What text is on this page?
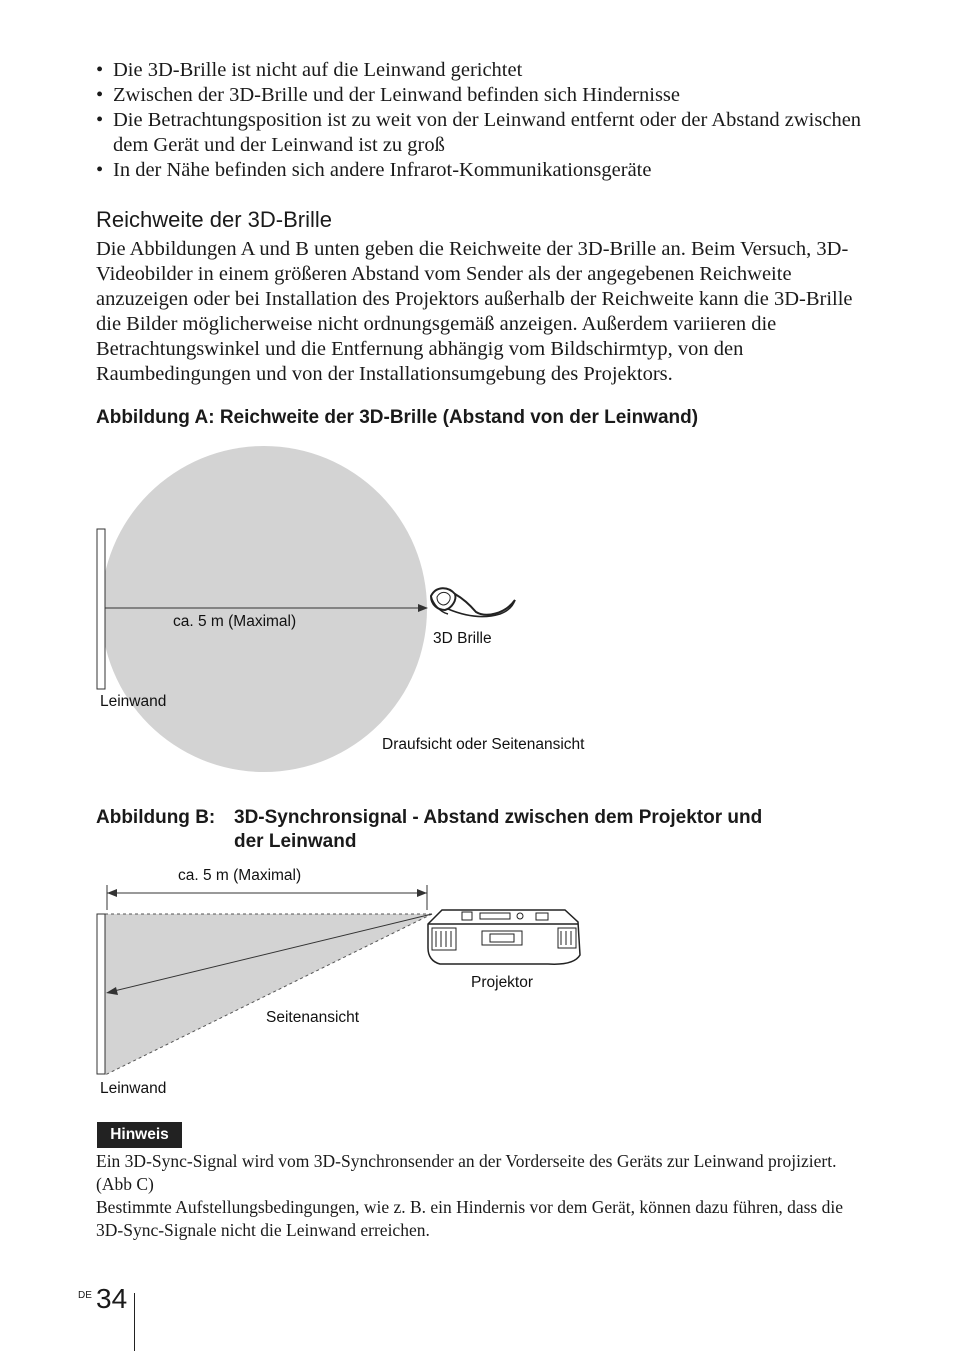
• Die 3D-Brille ist nicht auf die Leinwand gerichtet
• Zwischen der 3D-Brille und der Leinwand befinden sich Hindernisse
• Die Betrachtungsposition ist zu weit von der Leinwand entfernt oder der Abstand zwischen dem Gerät und der Leinwand ist zu groß
• In der Nähe befinden sich andere Infrarot-Kommunikationsgeräte
Reichweite der 3D-Brille

Die Abbildungen A und B unten geben die Reichweite der 3D-Brille an. Beim Versuch, 3D-Videobilder in einem größeren Abstand vom Sender als der angegebenen Reichweite anzuzeigen oder bei Installation des Projektors außerhalb der Reichweite kann die 3D-Brille die Bilder möglicherweise nicht ordnungsgemäß anzeigen. Außerdem variieren die Betrachtungswinkel und die Entfernung abhängig vom Bildschirmtyp, von den Raumbedingungen und von der Installationsumgebung des Projektors.

Abbildung A: Reichweite der 3D-Brille (Abstand von der Leinwand)
ca. 5 m (Maximal)
3D Brille
Leinwand
Draufsicht oder Seitenansicht
Abbildung B: 3D-Synchronsignal - Abstand zwischen dem Projektor und
der Leinwand
ca. 5 m (Maximal)
Projektor
Seitenansicht
Leinwand
Hinweis
Ein 3D-Sync-Signal wird vom 3D-Synchronsender an der Vorderseite des Geräts zur Leinwand projiziert. (Abb C)
Bestimmte Aufstellungsbedingungen, wie z. B. ein Hindernis vor dem Gerät, können dazu führen, dass die 3D-Sync-Signale nicht die Leinwand erreichen.
DE 34
